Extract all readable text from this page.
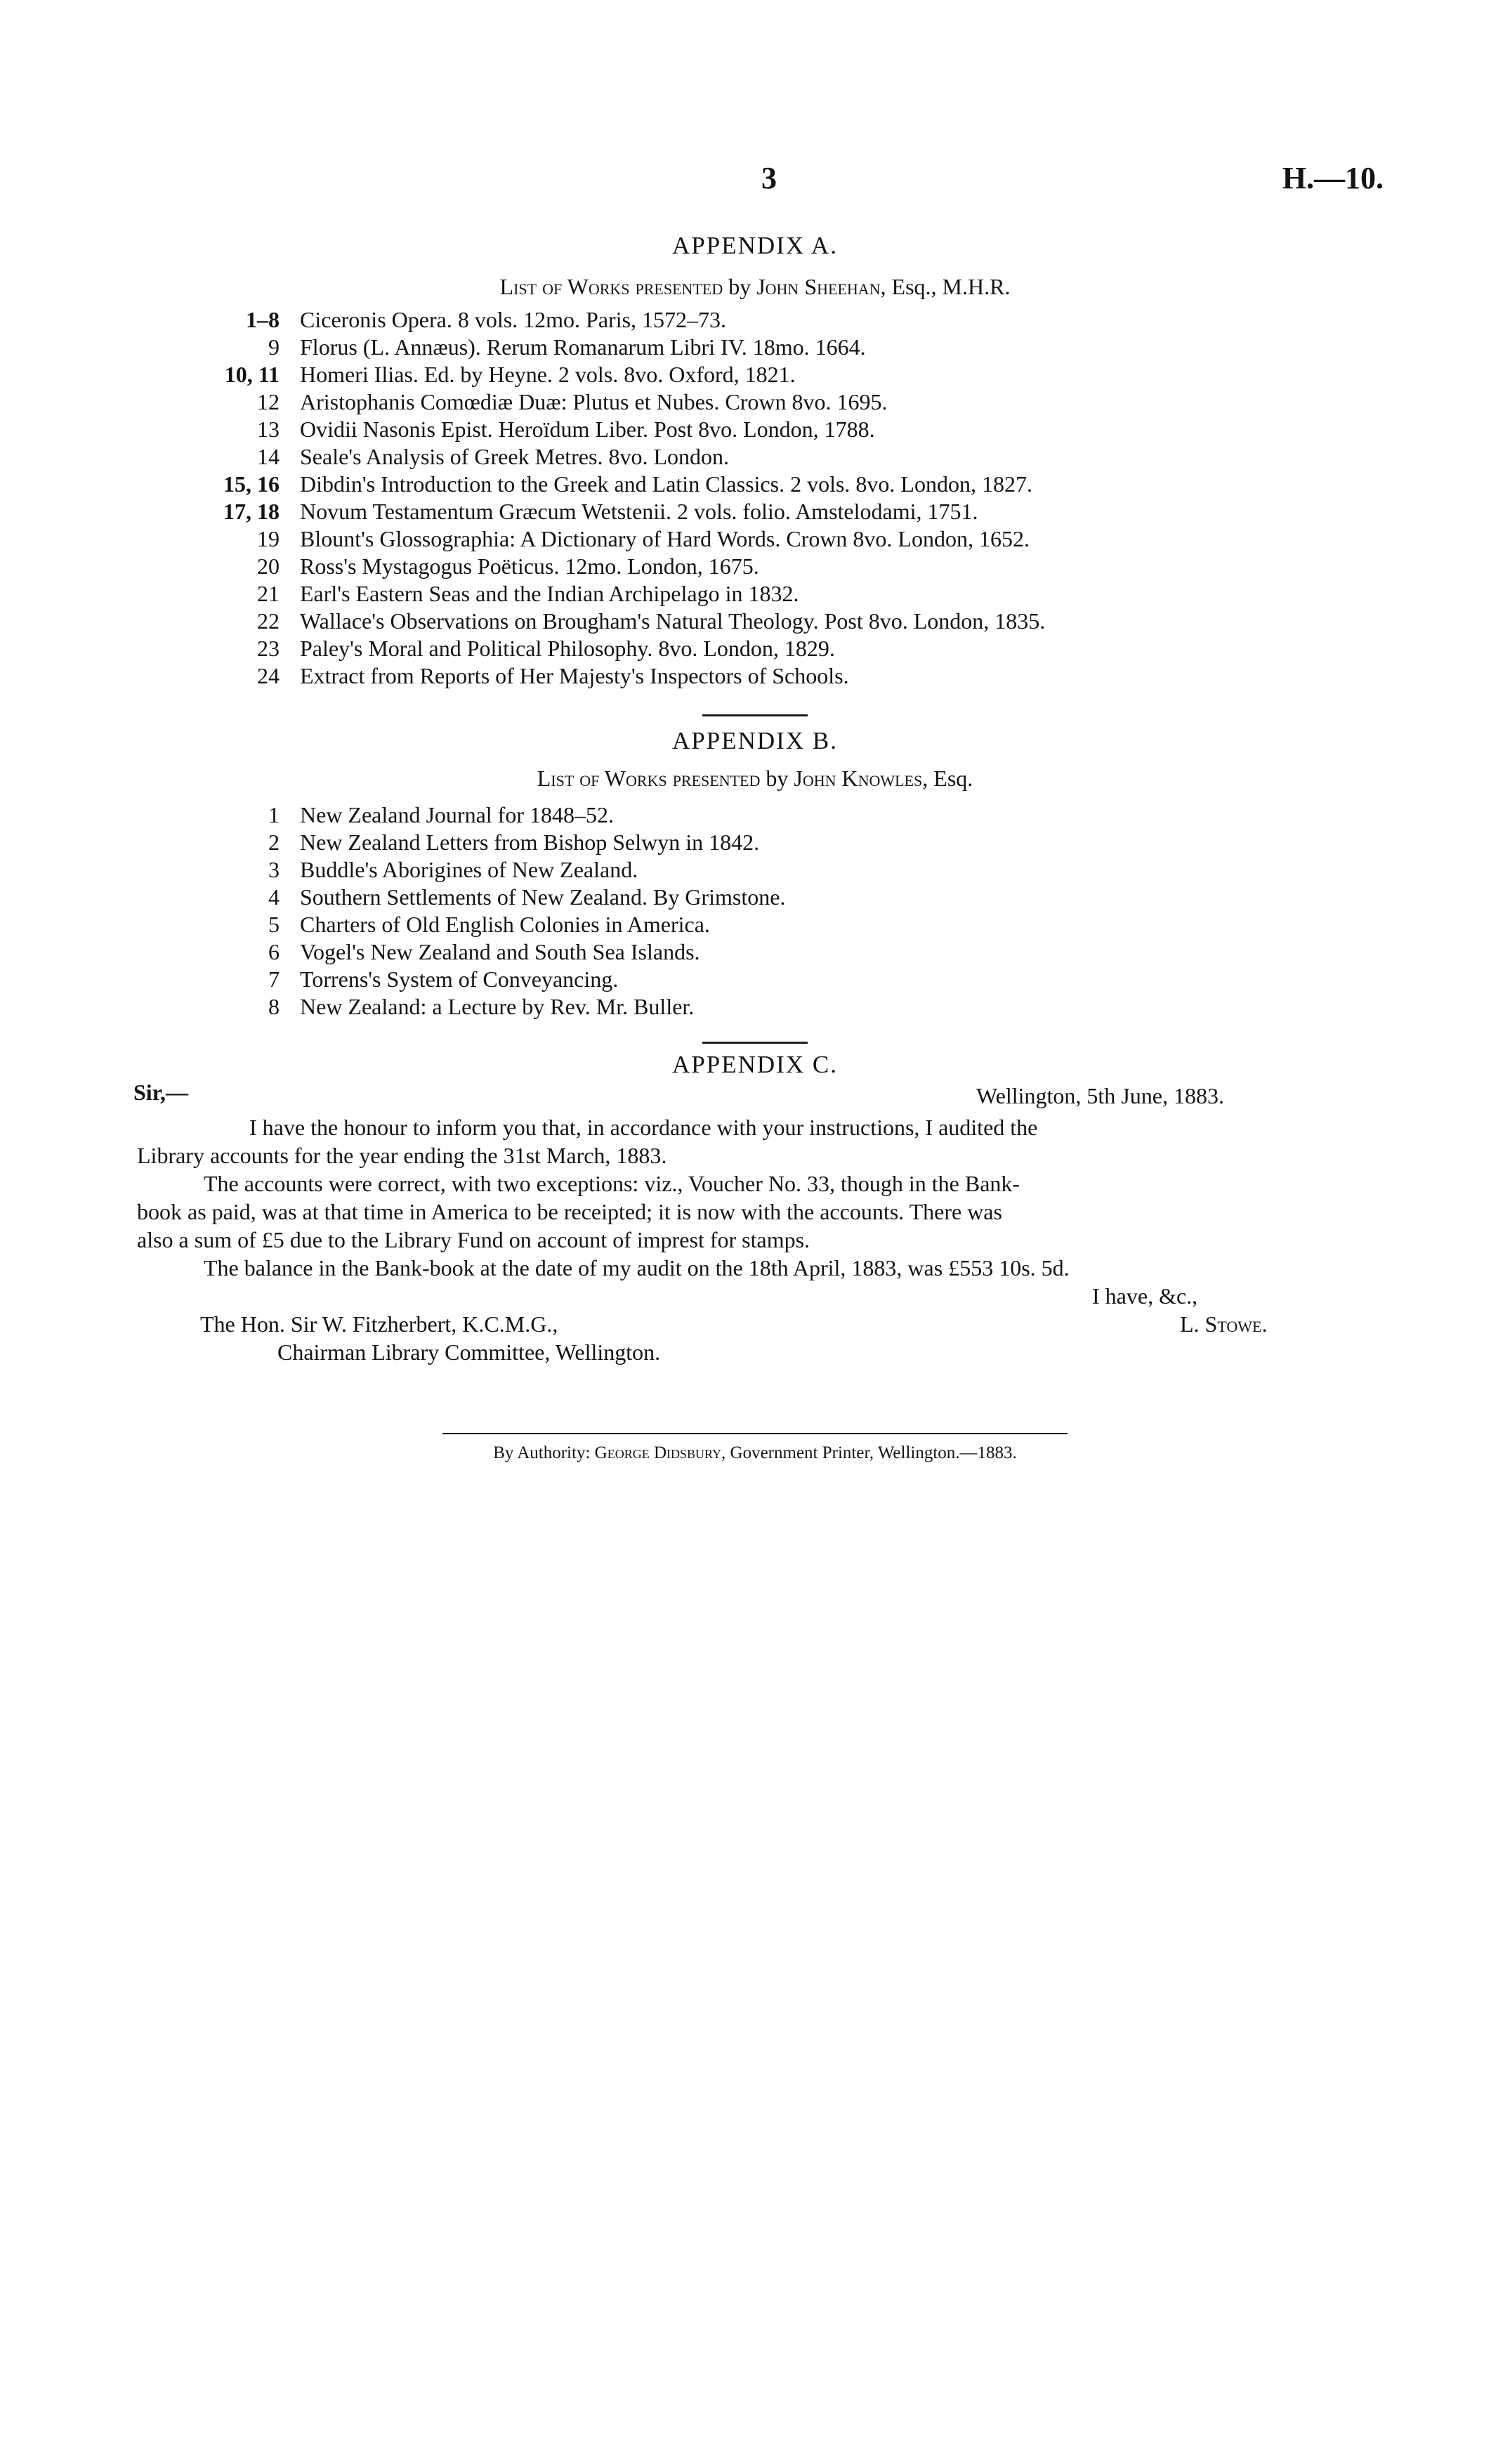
3	H.—10.
APPENDIX A.
List of Works presented by John Sheehan, Esq., M.H.R.
1–8 Ciceronis Opera. 8 vols. 12mo. Paris, 1572–73.
9 Florus (L. Annæus). Rerum Romanarum Libri IV. 18mo. 1664.
10, 11 Homeri Ilias. Ed. by Heyne. 2 vols. 8vo. Oxford, 1821.
12 Aristophanis Comœdiæ Duæ: Plutus et Nubes. Crown 8vo. 1695.
13 Ovidii Nasonis Epist. Heroïdum Liber. Post 8vo. London, 1788.
14 Seale's Analysis of Greek Metres. 8vo. London.
15, 16 Dibdin's Introduction to the Greek and Latin Classics. 2 vols. 8vo. London, 1827.
17, 18 Novum Testamentum Græcum Wetstenii. 2 vols. folio. Amstelodami, 1751.
19 Blount's Glossographia: A Dictionary of Hard Words. Crown 8vo. London, 1652.
20 Ross's Mystagogus Poëticus. 12mo. London, 1675.
21 Earl's Eastern Seas and the Indian Archipelago in 1832.
22 Wallace's Observations on Brougham's Natural Theology. Post 8vo. London, 1835.
23 Paley's Moral and Political Philosophy. 8vo. London, 1829.
24 Extract from Reports of Her Majesty's Inspectors of Schools.
APPENDIX B.
List of Works presented by John Knowles, Esq.
1 New Zealand Journal for 1848–52.
2 New Zealand Letters from Bishop Selwyn in 1842.
3 Buddle's Aborigines of New Zealand.
4 Southern Settlements of New Zealand. By Grimstone.
5 Charters of Old English Colonies in America.
6 Vogel's New Zealand and South Sea Islands.
7 Torrens's System of Conveyancing.
8 New Zealand: a Lecture by Rev. Mr. Buller.
APPENDIX C.
Sir,—	Wellington, 5th June, 1883.
I have the honour to inform you that, in accordance with your instructions, I audited the
Library accounts for the year ending the 31st March, 1883.
The accounts were correct, with two exceptions: viz., Voucher No. 33, though in the Bank-
book as paid, was at that time in America to be receipted; it is now with the accounts. There was
also a sum of £5 due to the Library Fund on account of imprest for stamps.
The balance in the Bank-book at the date of my audit on the 18th April, 1883, was £553 10s. 5d.
I have, &c.,
The Hon. Sir W. Fitzherbert, K.C.M.G.,	L. Stowe.
Chairman Library Committee, Wellington.
By Authority: George Didsbury, Government Printer, Wellington.—1883.
